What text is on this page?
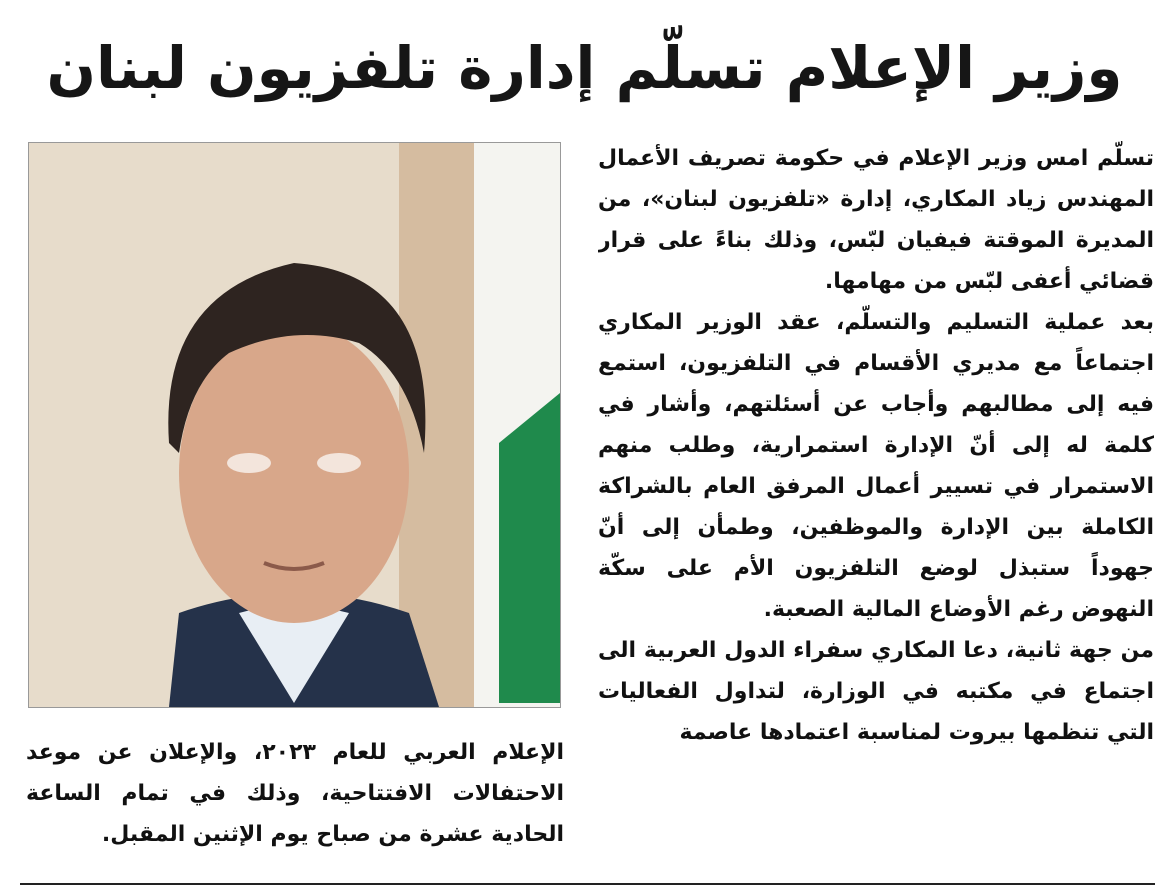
وزير الإعلام تسلّم إدارة تلفزيون لبنان

تسلّم امس وزير الإعلام في حكومة تصريف الأعمال المهندس زياد المكاري، إدارة «تلفزيون لبنان»، من المديرة الموقتة فيفيان لبّس، وذلك بناءً على قرار قضائي أعفى لبّس من مهامها.

بعد عملية التسليم والتسلّم، عقد الوزير المكاري اجتماعاً مع مديري الأقسام في التلفزيون، استمع فيه إلى مطالبهم وأجاب عن أسئلتهم، وأشار في كلمة له إلى أنّ الإدارة استمرارية، وطلب منهم الاستمرار في تسيير أعمال المرفق العام بالشراكة الكاملة بين الإدارة والموظفين، وطمأن إلى أنّ جهوداً ستبذل لوضع التلفزيون الأم على سكّة النهوض رغم الأوضاع المالية الصعبة.

من جهة ثانية، دعا المكاري سفراء الدول العربية الى اجتماع في مكتبه في الوزارة، لتداول الفعاليات التي تنظمها بيروت لمناسبة اعتمادها عاصمة

الإعلام العربي للعام ٢٠٢٣، والإعلان عن موعد الاحتفالات الافتتاحية، وذلك في تمام الساعة الحادية عشرة من صباح يوم الإثنين المقبل.
